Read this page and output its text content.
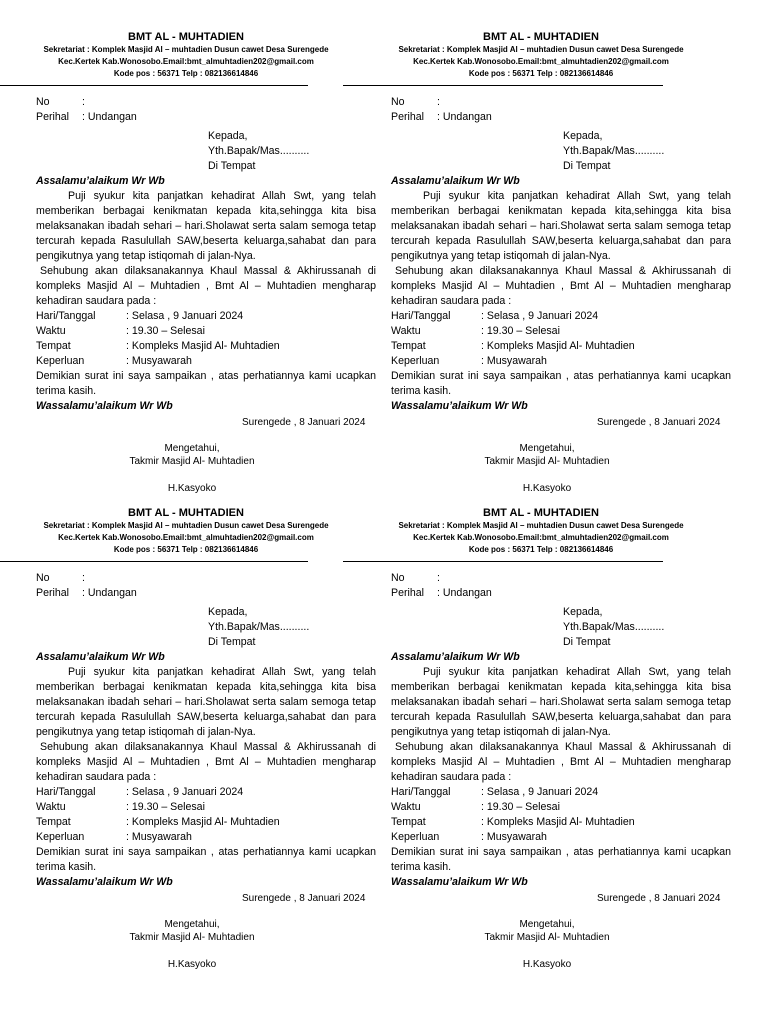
BMT AL - MUHTADIEN
Sekretariat : Komplek Masjid Al – muhtadien Dusun cawet Desa Surengede
Kec.Kertek Kab.Wonosobo.Email:bmt_almuhtadien202@gmail.com
Kode pos : 56371 Telp : 082136614846
No	:
Perihal	: Undangan
Kepada,
Yth.Bapak/Mas..........
Di Tempat
Assalamu’alaikum Wr Wb
Puji syukur kita panjatkan kehadirat Allah Swt, yang telah memberikan berbagai kenikmatan kepada kita,sehingga kita bisa melaksanakan ibadah sehari – hari.Sholawat serta salam semoga tetap tercurah kepada Rasulullah SAW,beserta keluarga,sahabat dan para pengikutnya yang tetap istiqomah di jalan-Nya.
Sehubung akan dilaksanakannya Khaul Massal & Akhirussanah di kompleks Masjid Al – Muhtadien , Bmt Al – Muhtadien mengharap kehadiran saudara pada :
Hari/Tanggal	: Selasa , 9 Januari 2024
Waktu	: 19.30 – Selesai
Tempat	: Kompleks Masjid Al- Muhtadien
Keperluan	: Musyawarah
Demikian surat ini saya sampaikan , atas perhatiannya kami ucapkan terima kasih.
Wassalamu’alaikum Wr Wb
Surengede , 8 Januari 2024
Mengetahui,
Takmir Masjid Al- Muhtadien
H.Kasyoko
BMT AL - MUHTADIEN
Sekretariat : Komplek Masjid Al – muhtadien Dusun cawet Desa Surengede
Kec.Kertek Kab.Wonosobo.Email:bmt_almuhtadien202@gmail.com
Kode pos : 56371 Telp : 082136614846
No	:
Perihal	: Undangan
Kepada,
Yth.Bapak/Mas..........
Di Tempat
Assalamu’alaikum Wr Wb
Puji syukur kita panjatkan kehadirat Allah Swt, yang telah memberikan berbagai kenikmatan kepada kita,sehingga kita bisa melaksanakan ibadah sehari – hari.Sholawat serta salam semoga tetap tercurah kepada Rasulullah SAW,beserta keluarga,sahabat dan para pengikutnya yang tetap istiqomah di jalan-Nya.
Sehubung akan dilaksanakannya Khaul Massal & Akhirussanah di kompleks Masjid Al – Muhtadien , Bmt Al – Muhtadien mengharap kehadiran saudara pada :
Hari/Tanggal	: Selasa , 9 Januari 2024
Waktu	: 19.30 – Selesai
Tempat	: Kompleks Masjid Al- Muhtadien
Keperluan	: Musyawarah
Demikian surat ini saya sampaikan , atas perhatiannya kami ucapkan terima kasih.
Wassalamu’alaikum Wr Wb
Surengede , 8 Januari 2024
Mengetahui,
Takmir Masjid Al- Muhtadien
H.Kasyoko
BMT AL - MUHTADIEN
Sekretariat : Komplek Masjid Al – muhtadien Dusun cawet Desa Surengede
Kec.Kertek Kab.Wonosobo.Email:bmt_almuhtadien202@gmail.com
Kode pos : 56371 Telp : 082136614846
No	:
Perihal	: Undangan
Kepada,
Yth.Bapak/Mas..........
Di Tempat
Assalamu’alaikum Wr Wb
Puji syukur kita panjatkan kehadirat Allah Swt, yang telah memberikan berbagai kenikmatan kepada kita,sehingga kita bisa melaksanakan ibadah sehari – hari.Sholawat serta salam semoga tetap tercurah kepada Rasulullah SAW,beserta keluarga,sahabat dan para pengikutnya yang tetap istiqomah di jalan-Nya.
Sehubung akan dilaksanakannya Khaul Massal & Akhirussanah di kompleks Masjid Al – Muhtadien , Bmt Al – Muhtadien mengharap kehadiran saudara pada :
Hari/Tanggal	: Selasa , 9 Januari 2024
Waktu	: 19.30 – Selesai
Tempat	: Kompleks Masjid Al- Muhtadien
Keperluan	: Musyawarah
Demikian surat ini saya sampaikan , atas perhatiannya kami ucapkan terima kasih.
Wassalamu’alaikum Wr Wb
Surengede , 8 Januari 2024
Mengetahui,
Takmir Masjid Al- Muhtadien
H.Kasyoko
BMT AL - MUHTADIEN
Sekretariat : Komplek Masjid Al – muhtadien Dusun cawet Desa Surengede
Kec.Kertek Kab.Wonosobo.Email:bmt_almuhtadien202@gmail.com
Kode pos : 56371 Telp : 082136614846
No	:
Perihal	: Undangan
Kepada,
Yth.Bapak/Mas..........
Di Tempat
Assalamu’alaikum Wr Wb
Puji syukur kita panjatkan kehadirat Allah Swt, yang telah memberikan berbagai kenikmatan kepada kita,sehingga kita bisa melaksanakan ibadah sehari – hari.Sholawat serta salam semoga tetap tercurah kepada Rasulullah SAW,beserta keluarga,sahabat dan para pengikutnya yang tetap istiqomah di jalan-Nya.
Sehubung akan dilaksanakannya Khaul Massal & Akhirussanah di kompleks Masjid Al – Muhtadien , Bmt Al – Muhtadien mengharap kehadiran saudara pada :
Hari/Tanggal	: Selasa , 9 Januari 2024
Waktu	: 19.30 – Selesai
Tempat	: Kompleks Masjid Al- Muhtadien
Keperluan	: Musyawarah
Demikian surat ini saya sampaikan , atas perhatiannya kami ucapkan terima kasih.
Wassalamu’alaikum Wr Wb
Surengede , 8 Januari 2024
Mengetahui,
Takmir Masjid Al- Muhtadien
H.Kasyoko
